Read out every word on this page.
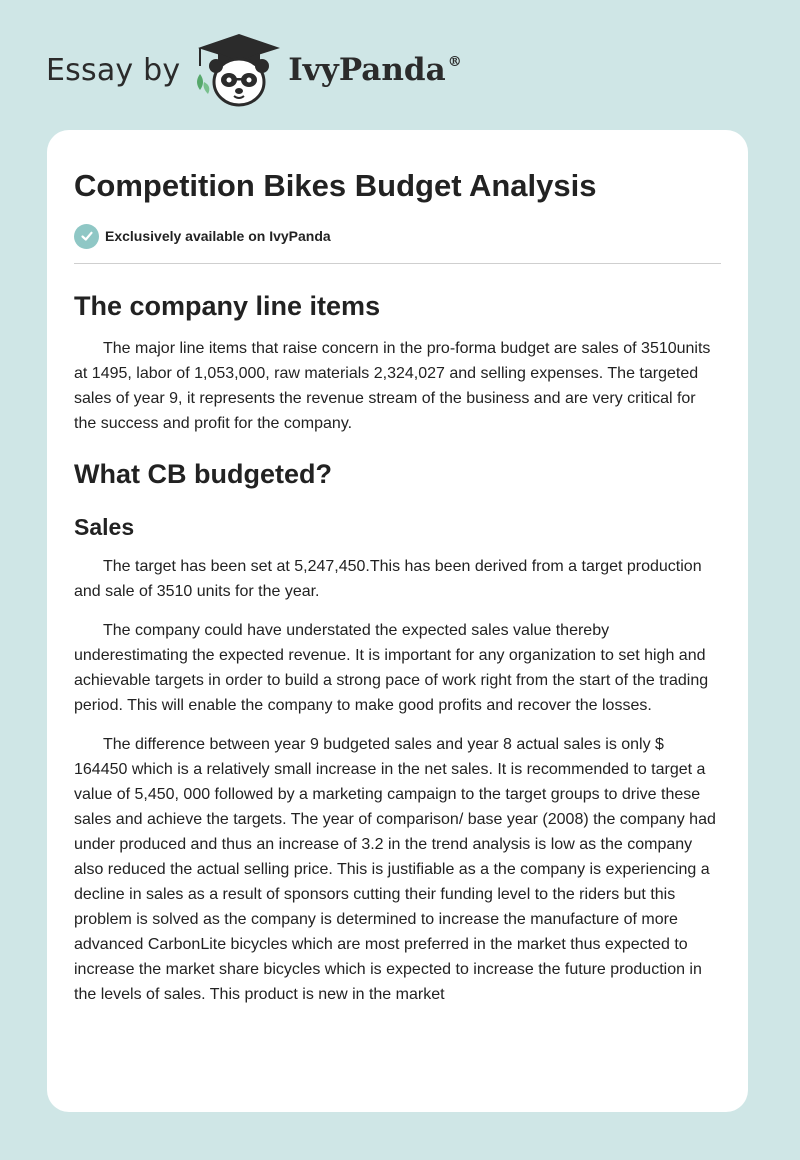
Essay by	IvyPanda ®
Competition Bikes Budget Analysis
Exclusively available on IvyPanda
The company line items

The major line items that raise concern in the pro-forma budget are sales of 3510units at 1495, labor of 1,053,000, raw materials 2,324,027 and selling expenses. The targeted sales of year 9, it represents the revenue stream of the business and are very critical for the success and profit for the company.

What CB budgeted?
Sales

The target has been set at 5,247,450.This has been derived from a target production and sale of 3510 units for the year.

The company could have understated the expected sales value thereby underestimating the expected revenue. It is important for any organization to set high and achievable targets in order to build a strong pace of work right from the start of the trading period. This will enable the company to make good profits and recover the losses.

The difference between year 9 budgeted sales and year 8 actual sales is only $ 164450 which is a relatively small increase in the net sales. It is recommended to target a value of 5,450, 000 followed by a marketing campaign to the target groups to drive these sales and achieve the targets. The year of comparison/ base year (2008) the company had under produced and thus an increase of 3.2 in the trend analysis is low as the company also reduced the actual selling price. This is justifiable as a the company is experiencing a decline in sales as a result of sponsors cutting their funding level to the riders but this problem is solved as the company is determined to increase the manufacture of more advanced CarbonLite bicycles which are most preferred in the market thus expected to increase the market share bicycles which is expected to increase the future production in the levels of sales. This product is new in the market
